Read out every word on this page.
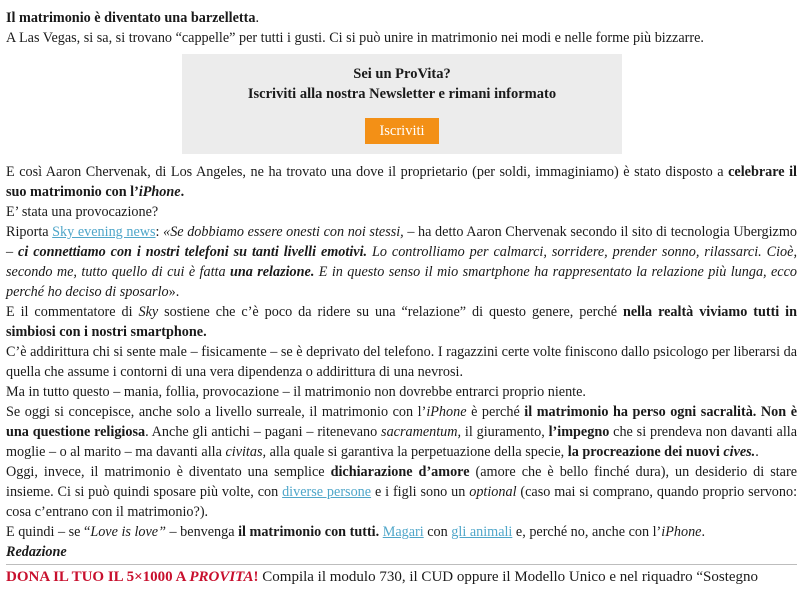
Il matrimonio è diventato una barzelletta.
A Las Vegas, si sa, si trovano “cappelle” per tutti i gusti. Ci si può unire in matrimonio nei modi e nelle forme più bizzarre.

Sei un ProVita?
Iscriviti alla nostra Newsletter e rimani informato
Iscriviti

E così Aaron Chervenak, di Los Angeles, ne ha trovato una dove il proprietario (per soldi, immaginiamo) è stato disposto a celebrare il suo matrimonio con l’iPhone.

E’ stata una provocazione?

Riporta Sky evening news: «Se dobbiamo essere onesti con noi stessi, – ha detto Aaron Chervenak secondo il sito di tecnologia Ubergizmo – ci connettiamo con i nostri telefoni su tanti livelli emotivi. Lo controlliamo per calmarci, sorridere, prender sonno, rilassarci. Cioè, secondo me, tutto quello di cui è fatta una relazione. E in questo senso il mio smartphone ha rappresentato la relazione più lunga, ecco perché ho deciso di sposarlo».

E il commentatore di Sky sostiene che c’è poco da ridere su una “relazione” di questo genere, perché nella realtà viviamo tutti in simbiosi con i nostri smartphone.

C’è addirittura chi si sente male – fisicamente – se è deprivato del telefono. I ragazzini certe volte finiscono dallo psicologo per liberarsi da quella che assume i contorni di una vera dipendenza o addirittura di una nevrosi.

Ma in tutto questo – mania, follia, provocazione – il matrimonio non dovrebbe entrarci proprio niente.

Se oggi si concepisce, anche solo a livello surreale, il matrimonio con l’iPhone è perché il matrimonio ha perso ogni sacralità. Non è una questione religiosa. Anche gli antichi – pagani – ritenevano sacramentum, il giuramento, l’impegno che si prendeva non davanti alla moglie – o al marito – ma davanti alla civitas, alla quale si garantiva la perpetuazione della specie, la procreazione dei nuovi cives..

Oggi, invece, il matrimonio è diventato una semplice dichiarazione d’amore (amore che è bello finché dura), un desiderio di stare insieme. Ci si può quindi sposare più volte, con diverse persone e i figli sono un optional (caso mai si comprano, quando proprio servono: cosa c’entrano con il matrimonio?).

E quindi – se “Love is love” – benvenga il matrimonio con tutti. Magari con gli animali e, perché no, anche con l’iPhone.

Redazione

DONA IL TUO IL 5×1000 A PROVITA! Compila il modulo 730, il CUD oppure il Modello Unico e nel riquadro “Sostegno
